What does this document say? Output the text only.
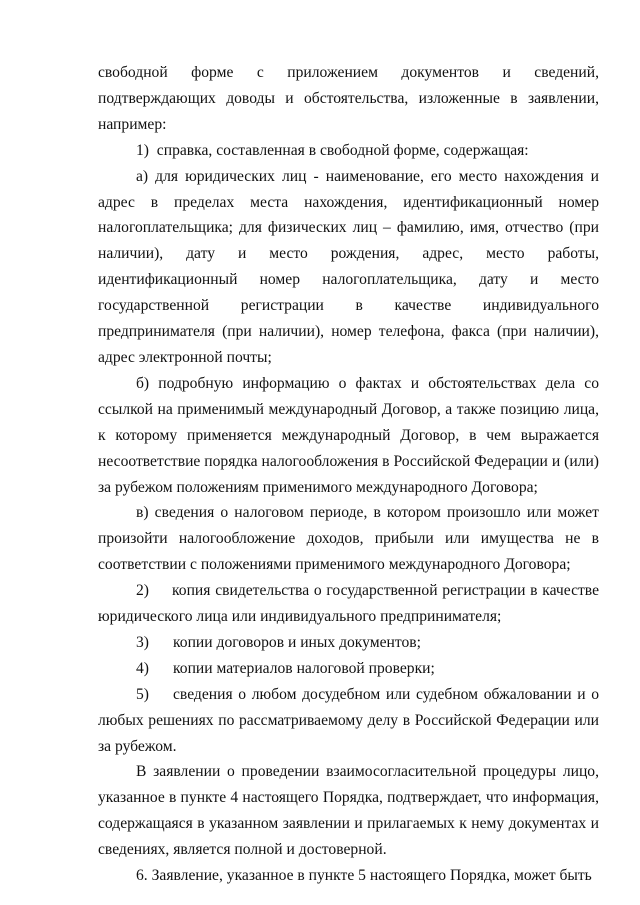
свободной форме с приложением документов и сведений, подтверждающих доводы и обстоятельства, изложенные в заявлении, например:

1) справка, составленная в свободной форме, содержащая:

а) для юридических лиц - наименование, его место нахождения и адрес в пределах места нахождения, идентификационный номер налогоплательщика; для физических лиц – фамилию, имя, отчество (при наличии), дату и место рождения, адрес, место работы, идентификационный номер налогоплательщика, дату и место государственной регистрации в качестве индивидуального предпринимателя (при наличии), номер телефона, факса (при наличии), адрес электронной почты;

б) подробную информацию о фактах и обстоятельствах дела со ссылкой на применимый международный Договор, а также позицию лица, к которому применяется международный Договор, в чем выражается несоответствие порядка налогообложения в Российской Федерации и (или) за рубежом положениям применимого международного Договора;

в) сведения о налоговом периоде, в котором произошло или может произойти налогообложение доходов, прибыли или имущества не в соответствии с положениями применимого международного Договора;

2) копия свидетельства о государственной регистрации в качестве юридического лица или индивидуального предпринимателя;

3) копии договоров и иных документов;

4) копии материалов налоговой проверки;

5) сведения о любом досудебном или судебном обжаловании и о любых решениях по рассматриваемому делу в Российской Федерации или за рубежом.

В заявлении о проведении взаимосогласительной процедуры лицо, указанное в пункте 4 настоящего Порядка, подтверждает, что информация, содержащаяся в указанном заявлении и прилагаемых к нему документах и сведениях, является полной и достоверной.

6. Заявление, указанное в пункте 5 настоящего Порядка, может быть
